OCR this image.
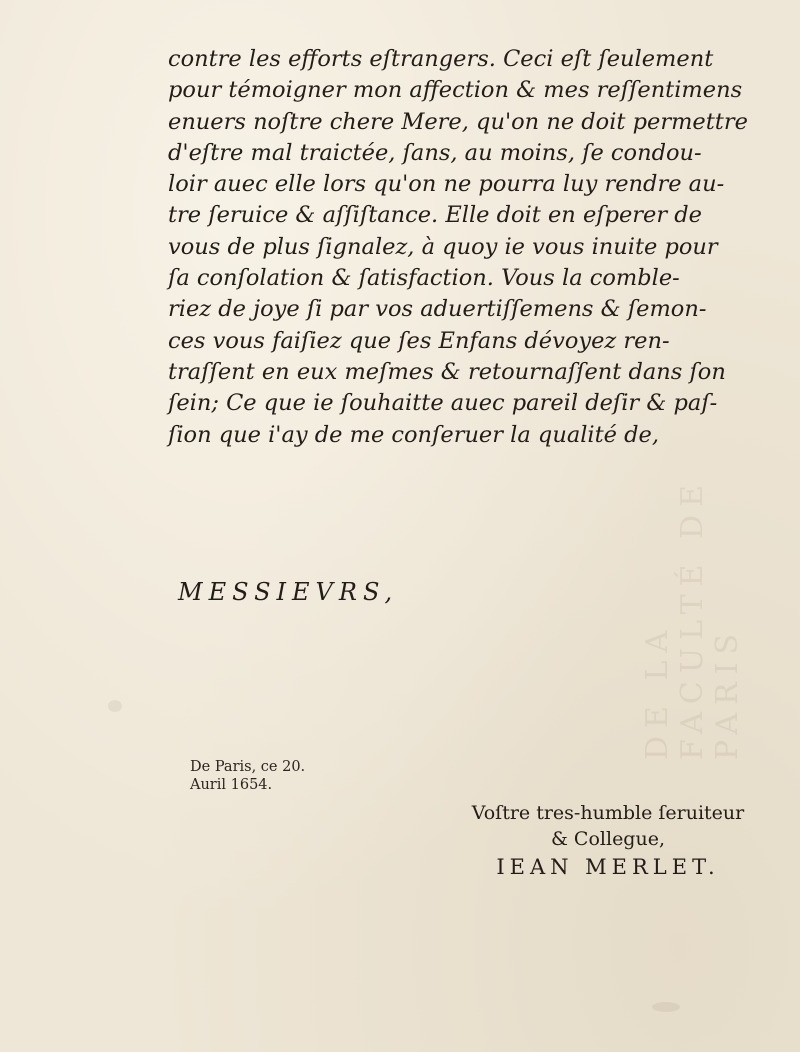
DE LA FACULTÉ DE PARIS
contre les efforts eſtrangers. Ceci eſt ſeulement
pour témoigner mon affection & mes reſſentimens
enuers noſtre chere Mere, qu'on ne doit permettre
d'eſtre mal traictée, ſans, au moins, ſe condou-
loir auec elle lors qu'on ne pourra luy rendre au-
tre ſeruice & aſſiſtance. Elle doit en eſperer de
vous de plus ſignalez, à quoy ie vous inuite pour
ſa conſolation & ſatisfaction. Vous la comble-
riez de joye ſi par vos aduertiſſemens & ſemon-
ces vous faiſiez que ſes Enfans dévoyez ren-
traſſent en eux meſmes & retournaſſent dans ſon
ſein; Ce que ie ſouhaitte auec pareil deſir & paſ-
ſion que i'ay de me conſeruer la qualité de,
MESSIEVRS,
De Paris, ce 20.
Auril 1654.
Voſtre tres-humble ſeruiteur
& Collegue,
IEAN MERLET.
